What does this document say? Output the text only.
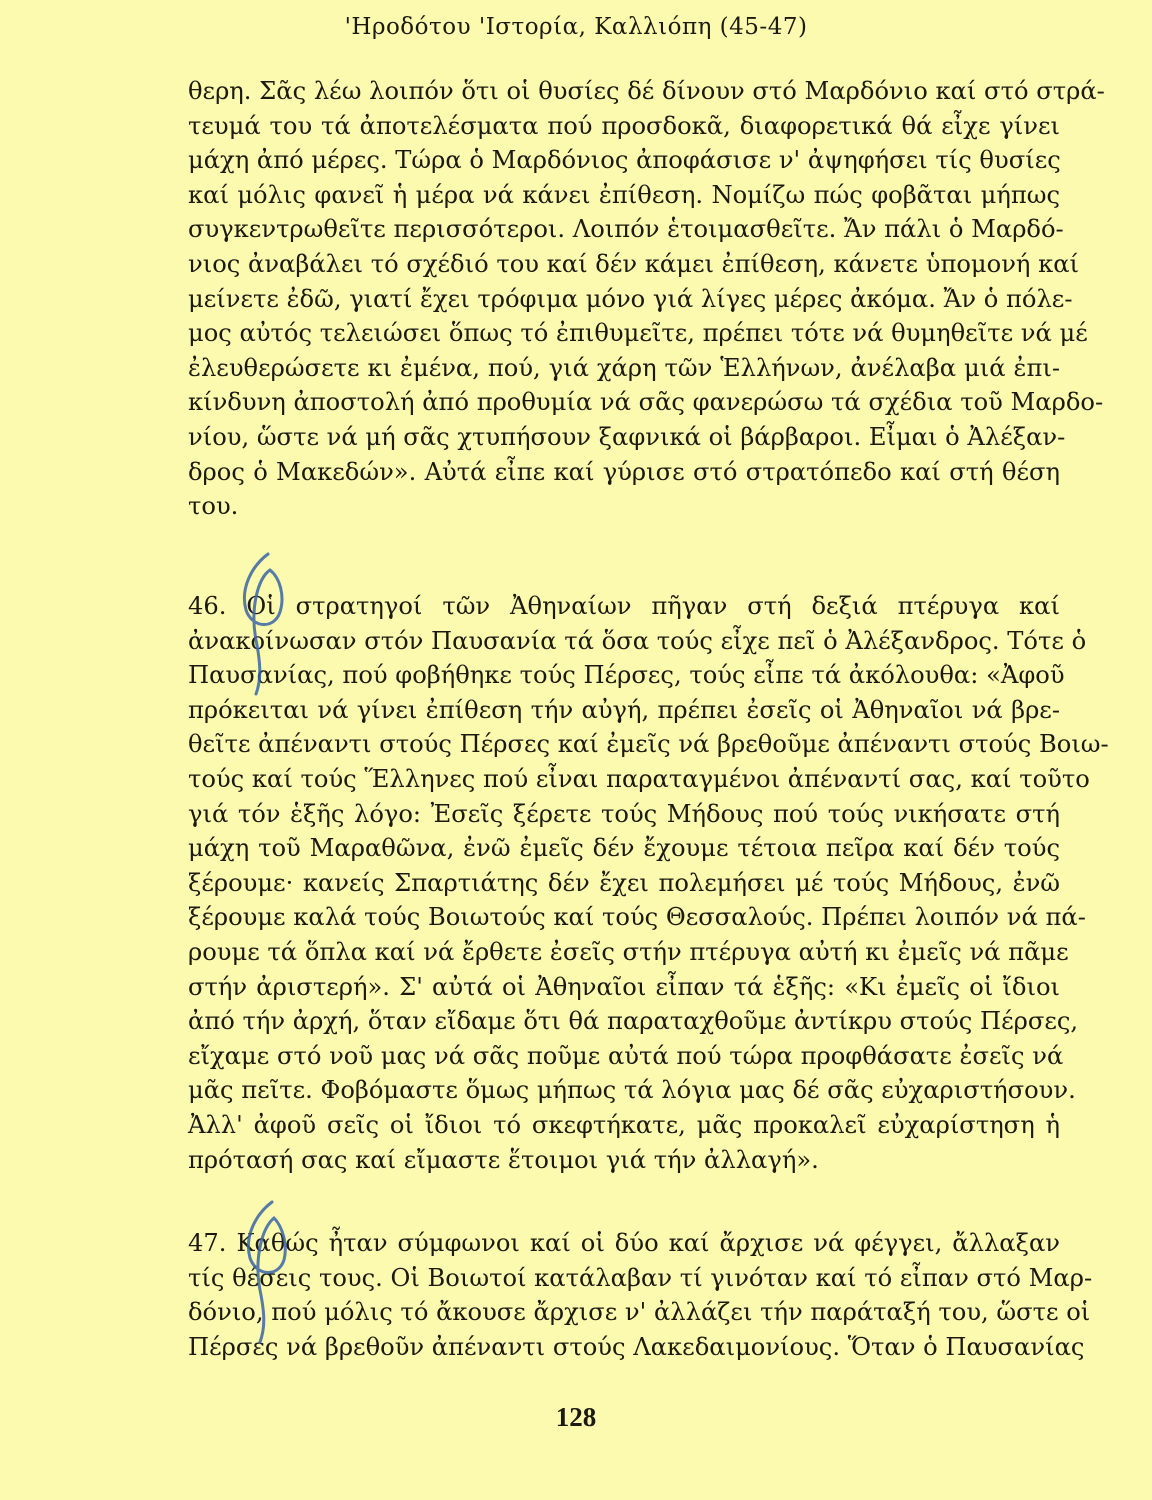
'Ηροδότου 'Ιστορία, Καλλιόπη (45-47)
θερη. Σᾶς λέω λοιπόν ὅτι οἱ θυσίες δέ δίνουν στό Μαρδόνιο καί στό στρά-
τευμά του τά ἀποτελέσματα πού προσδοκᾶ, διαφορετικά θά εἶχε γίνει
μάχη ἀπό μέρες. Τώρα ὁ Μαρδόνιος ἀποφάσισε ν' ἀψηφήσει τίς θυσίες
καί μόλις φανεῖ ἡ μέρα νά κάνει ἐπίθεση. Νομίζω πώς φοβᾶται μήπως
συγκεντρωθεῖτε περισσότεροι. Λοιπόν ἑτοιμασθεῖτε. Ἄν πάλι ὁ Μαρδό-
νιος ἀναβάλει τό σχέδιό του καί δέν κάμει ἐπίθεση, κάνετε ὑπομονή καί
μείνετε ἐδῶ, γιατί ἔχει τρόφιμα μόνο γιά λίγες μέρες ἀκόμα. Ἄν ὁ πόλε-
μος αὐτός τελειώσει ὅπως τό ἐπιθυμεῖτε, πρέπει τότε νά θυμηθεῖτε νά μέ
ἐλευθερώσετε κι ἐμένα, πού, γιά χάρη τῶν Ἑλλήνων, ἀνέλαβα μιά ἐπι-
κίνδυνη ἀποστολή ἀπό προθυμία νά σᾶς φανερώσω τά σχέδια τοῦ Μαρδο-
νίου, ὥστε νά μή σᾶς χτυπήσουν ξαφνικά οἱ βάρβαροι. Εἶμαι ὁ Ἀλέξαν-
δρος ὁ Μακεδών». Αὐτά εἶπε καί γύρισε στό στρατόπεδο καί στή θέση
του.
46. Οἱ στρατηγοί τῶν Ἀθηναίων πῆγαν στή δεξιά πτέρυγα καί
ἀνακοίνωσαν στόν Παυσανία τά ὅσα τούς εἶχε πεῖ ὁ Ἀλέξανδρος. Τότε ὁ
Παυσανίας, πού φοβήθηκε τούς Πέρσες, τούς εἶπε τά ἀκόλουθα: «Ἀφοῦ
πρόκειται νά γίνει ἐπίθεση τήν αὐγή, πρέπει ἐσεῖς οἱ Ἀθηναῖοι νά βρε-
θεῖτε ἀπέναντι στούς Πέρσες καί ἐμεῖς νά βρεθοῦμε ἀπέναντι στούς Βοιω-
τούς καί τούς Ἕλληνες πού εἶναι παραταγμένοι ἀπέναντί σας, καί τοῦτο
γιά τόν ἑξῆς λόγο: Ἐσεῖς ξέρετε τούς Μήδους πού τούς νικήσατε στή
μάχη τοῦ Μαραθῶνα, ἐνῶ ἐμεῖς δέν ἔχουμε τέτοια πεῖρα καί δέν τούς
ξέρουμε· κανείς Σπαρτιάτης δέν ἔχει πολεμήσει μέ τούς Μήδους, ἐνῶ
ξέρουμε καλά τούς Βοιωτούς καί τούς Θεσσαλούς. Πρέπει λοιπόν νά πά-
ρουμε τά ὅπλα καί νά ἔρθετε ἐσεῖς στήν πτέρυγα αὐτή κι ἐμεῖς νά πᾶμε
στήν ἀριστερή». Σ' αὐτά οἱ Ἀθηναῖοι εἶπαν τά ἑξῆς: «Κι ἐμεῖς οἱ ἴδιοι
ἀπό τήν ἀρχή, ὅταν εἴδαμε ὅτι θά παραταχθοῦμε ἀντίκρυ στούς Πέρσες,
εἴχαμε στό νοῦ μας νά σᾶς ποῦμε αὐτά πού τώρα προφθάσατε ἐσεῖς νά
μᾶς πεῖτε. Φοβόμαστε ὅμως μήπως τά λόγια μας δέ σᾶς εὐχαριστήσουν.
Ἀλλ' ἀφοῦ σεῖς οἱ ἴδιοι τό σκεφτήκατε, μᾶς προκαλεῖ εὐχαρίστηση ἡ
πρότασή σας καί εἴμαστε ἕτοιμοι γιά τήν ἀλλαγή».
47. Καθώς ἦταν σύμφωνοι καί οἱ δύο καί ἄρχισε νά φέγγει, ἄλλαξαν
τίς θέσεις τους. Οἱ Βοιωτοί κατάλαβαν τί γινόταν καί τό εἶπαν στό Μαρ-
δόνιο, πού μόλις τό ἄκουσε ἄρχισε ν' ἀλλάζει τήν παράταξή του, ὥστε οἱ
Πέρσες νά βρεθοῦν ἀπέναντι στούς Λακεδαιμονίους. Ὅταν ὁ Παυσανίας
128
